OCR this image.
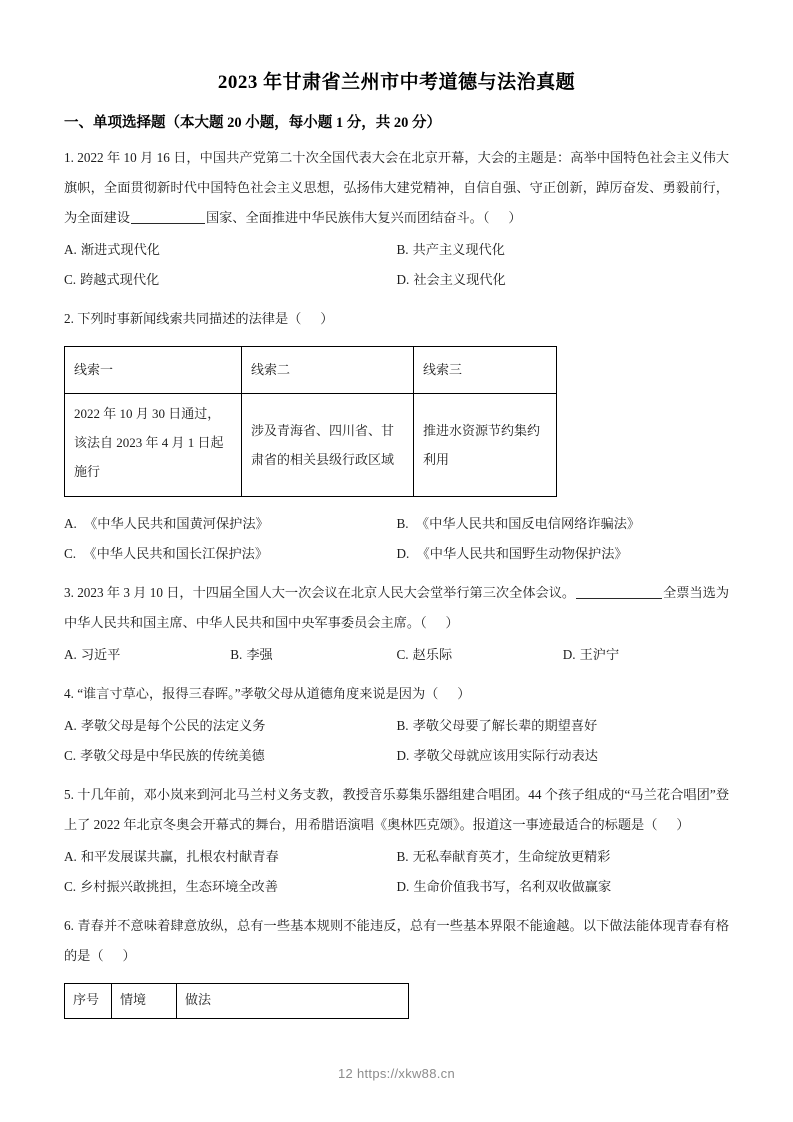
2023 年甘肃省兰州市中考道德与法治真题
一、单项选择题（本大题 20 小题，每小题 1 分，共 20 分）
1. 2022 年 10 月 16 日，中国共产党第二十次全国代表大会在北京开幕，大会的主题是：高举中国特色社会主义伟大旗帜，全面贯彻新时代中国特色社会主义思想，弘扬伟大建党精神，自信自强、守正创新，踔厉奋发、勇毅前行，为全面建设	国家、全面推进中华民族伟大复兴而团结奋斗。（ ）
A. 渐进式现代化	B. 共产主义现代化
C. 跨越式现代化	D. 社会主义现代化
2. 下列时事新闻线索共同描述的法律是（ ）
线索一	线索二	线索三
2022 年 10 月 30 日通过，该法自 2023 年 4 月 1 日起施行	涉及青海省、四川省、甘肃省的相关县级行政区域	推进水资源节约集约利用
A. 《中华人民共和国黄河保护法》	B. 《中华人民共和国反电信网络诈骗法》
C. 《中华人民共和国长江保护法》	D. 《中华人民共和国野生动物保护法》
3. 2023 年 3 月 10 日，十四届全国人大一次会议在北京人民大会堂举行第三次全体会议。	全票当选为中华人民共和国主席、中华人民共和国中央军事委员会主席。（ ）
A. 习近平	B. 李强	C. 赵乐际	D. 王沪宁
4. “谁言寸草心，报得三春晖。”孝敬父母从道德角度来说是因为（ ）
A. 孝敬父母是每个公民的法定义务	B. 孝敬父母要了解长辈的期望喜好
C. 孝敬父母是中华民族的传统美德	D. 孝敬父母就应该用实际行动表达
5. 十几年前，邓小岚来到河北马兰村义务支教，教授音乐募集乐器组建合唱团。44 个孩子组成的“马兰花合唱团”登上了 2022 年北京冬奥会开幕式的舞台，用希腊语演唱《奥林匹克颂》。报道这一事迹最适合的标题是（ ）
A. 和平发展谋共赢，扎根农村献青春	B. 无私奉献育英才，生命绽放更精彩
C. 乡村振兴敢挑担，生态环境全改善	D. 生命价值我书写，名利双收做赢家
6. 青春并不意味着肆意放纵，总有一些基本规则不能违反，总有一些基本界限不能逾越。以下做法能体现青春有格的是（ ）
序号	情境	做法
12 https://xkw88.cn
